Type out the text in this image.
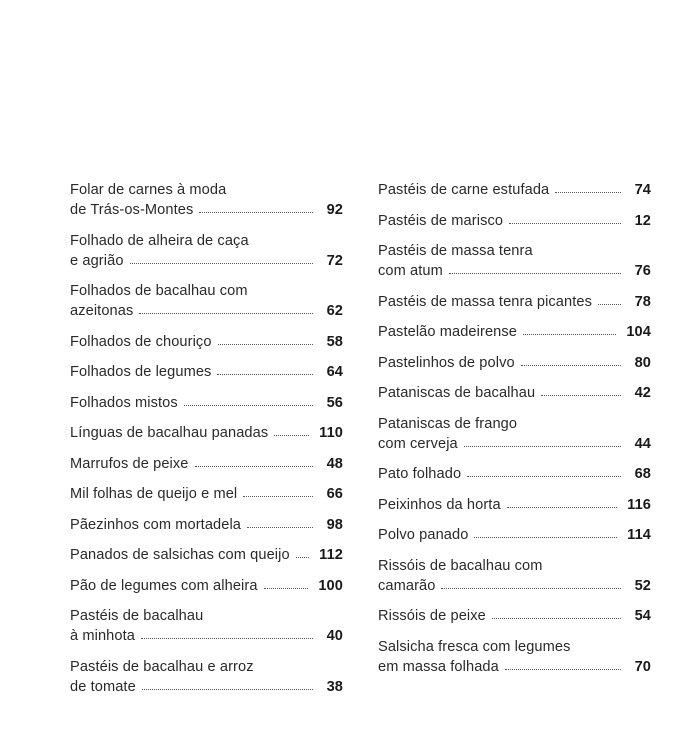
Folar de carnes à moda
de Trás-os-Montes	92
Folhado de alheira de caça
e agrião	72
Folhados de bacalhau com
azeitonas	62
Folhados de chouriço	58
Folhados de legumes	64
Folhados mistos	56
Línguas de bacalhau panadas	110
Marrufos de peixe	48
Mil folhas de queijo e mel	66
Pãezinhos com mortadela	98
Panados de salsichas com queijo 112
Pão de legumes com alheira	100
Pastéis de bacalhau
à minhota	40
Pastéis de bacalhau e arroz
de tomate	38
Pastéis de carne estufada	74
Pastéis de marisco	12
Pastéis de massa tenra
com atum	76
Pastéis de massa tenra picantes	78
Pastelão madeirense	104
Pastelinhos de polvo	80
Pataniscas de bacalhau	42
Pataniscas de frango
com cerveja	44
Pato folhado	68
Peixinhos da horta	116
Polvo panado	114
Rissóis de bacalhau com
camarão	52
Rissóis de peixe	54
Salsicha fresca com legumes
em massa folhada	70
